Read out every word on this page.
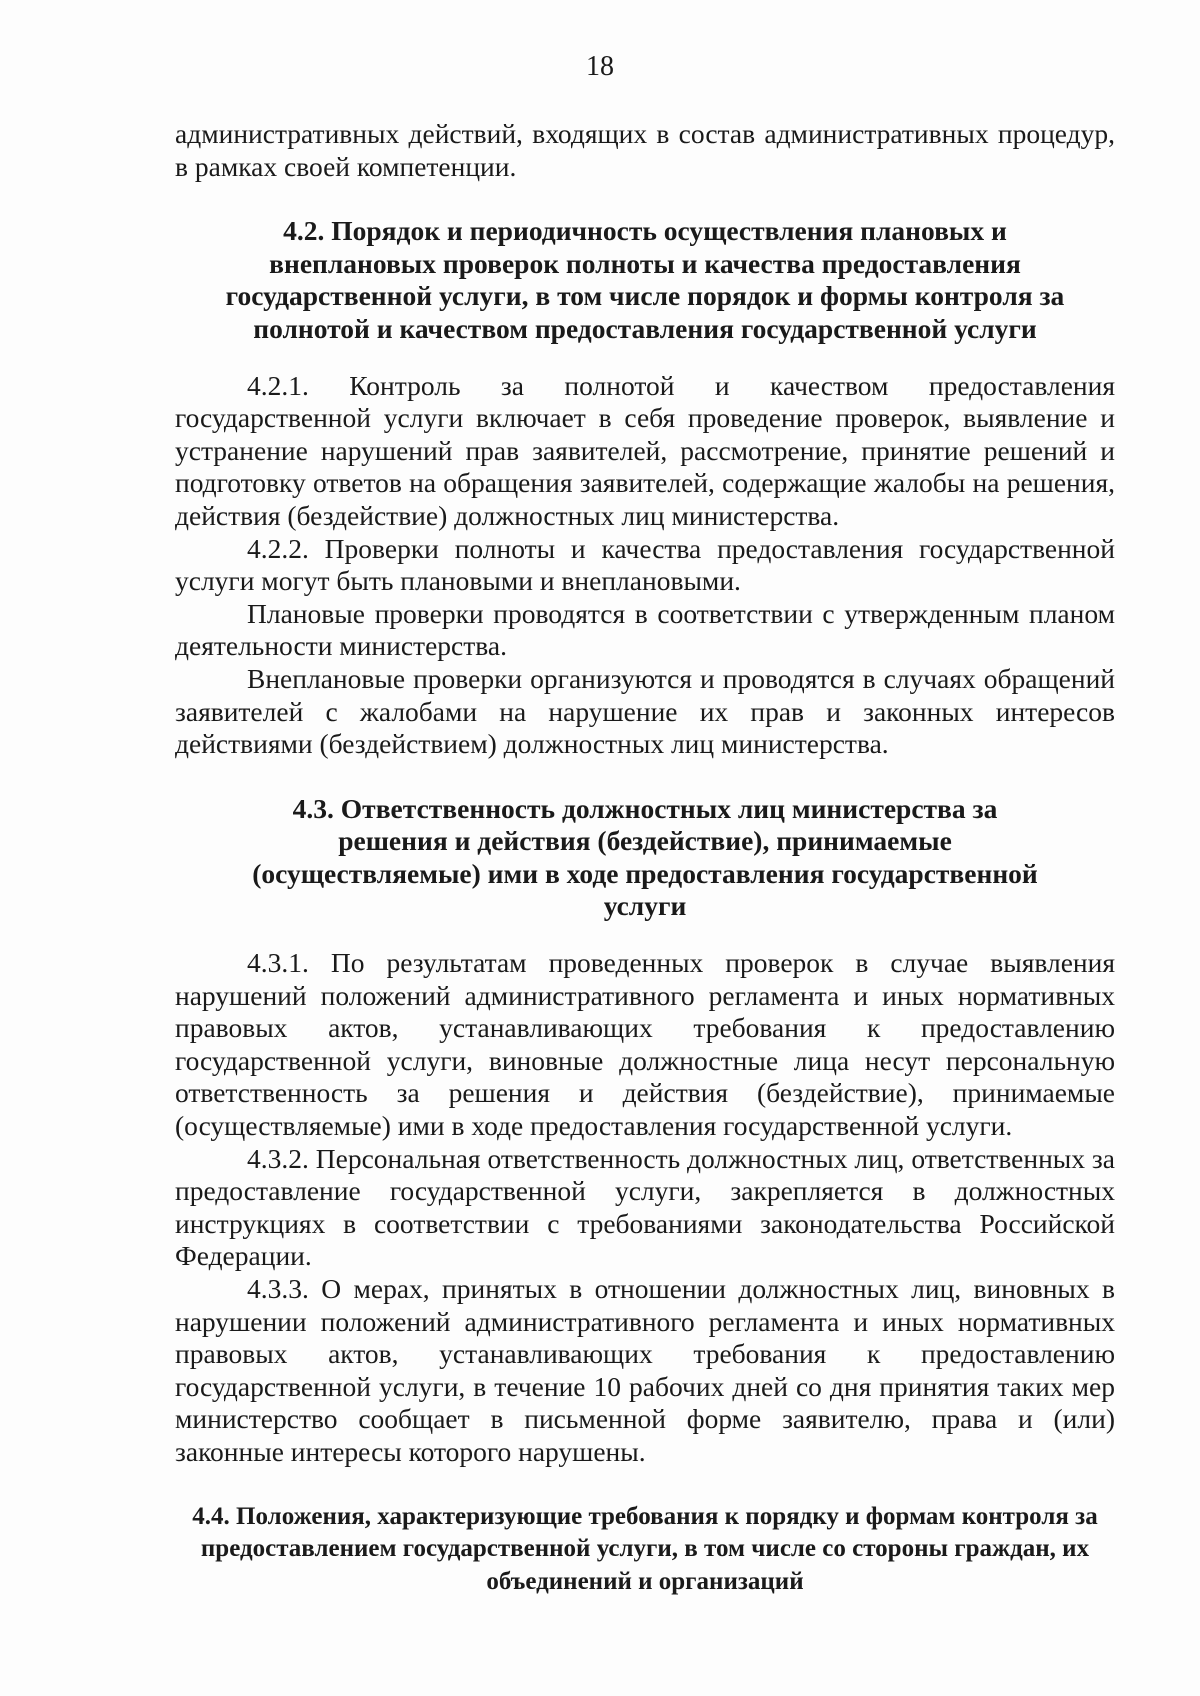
18

административных действий, входящих в состав административных процедур, в рамках своей компетенции.

4.2. Порядок и периодичность осуществления плановых и внеплановых проверок полноты и качества предоставления государственной услуги, в том числе порядок и формы контроля за полнотой и качеством предоставления государственной услуги

4.2.1. Контроль за полнотой и качеством предоставления государственной услуги включает в себя проведение проверок, выявление и устранение нарушений прав заявителей, рассмотрение, принятие решений и подготовку ответов на обращения заявителей, содержащие жалобы на решения, действия (бездействие) должностных лиц министерства.

4.2.2. Проверки полноты и качества предоставления государственной услуги могут быть плановыми и внеплановыми.

Плановые проверки проводятся в соответствии с утвержденным планом деятельности министерства.

Внеплановые проверки организуются и проводятся в случаях обращений заявителей с жалобами на нарушение их прав и законных интересов действиями (бездействием) должностных лиц министерства.

4.3. Ответственность должностных лиц министерства за решения и действия (бездействие), принимаемые (осуществляемые) ими в ходе предоставления государственной услуги

4.3.1. По результатам проведенных проверок в случае выявления нарушений положений административного регламента и иных нормативных правовых актов, устанавливающих требования к предоставлению государственной услуги, виновные должностные лица несут персональную ответственность за решения и действия (бездействие), принимаемые (осуществляемые) ими в ходе предоставления государственной услуги.

4.3.2. Персональная ответственность должностных лиц, ответственных за предоставление государственной услуги, закрепляется в должностных инструкциях в соответствии с требованиями законодательства Российской Федерации.

4.3.3. О мерах, принятых в отношении должностных лиц, виновных в нарушении положений административного регламента и иных нормативных правовых актов, устанавливающих требования к предоставлению государственной услуги, в течение 10 рабочих дней со дня принятия таких мер министерство сообщает в письменной форме заявителю, права и (или) законные интересы которого нарушены.

4.4. Положения, характеризующие требования к порядку и формам контроля за предоставлением государственной услуги, в том числе со стороны граждан, их объединений и организаций
